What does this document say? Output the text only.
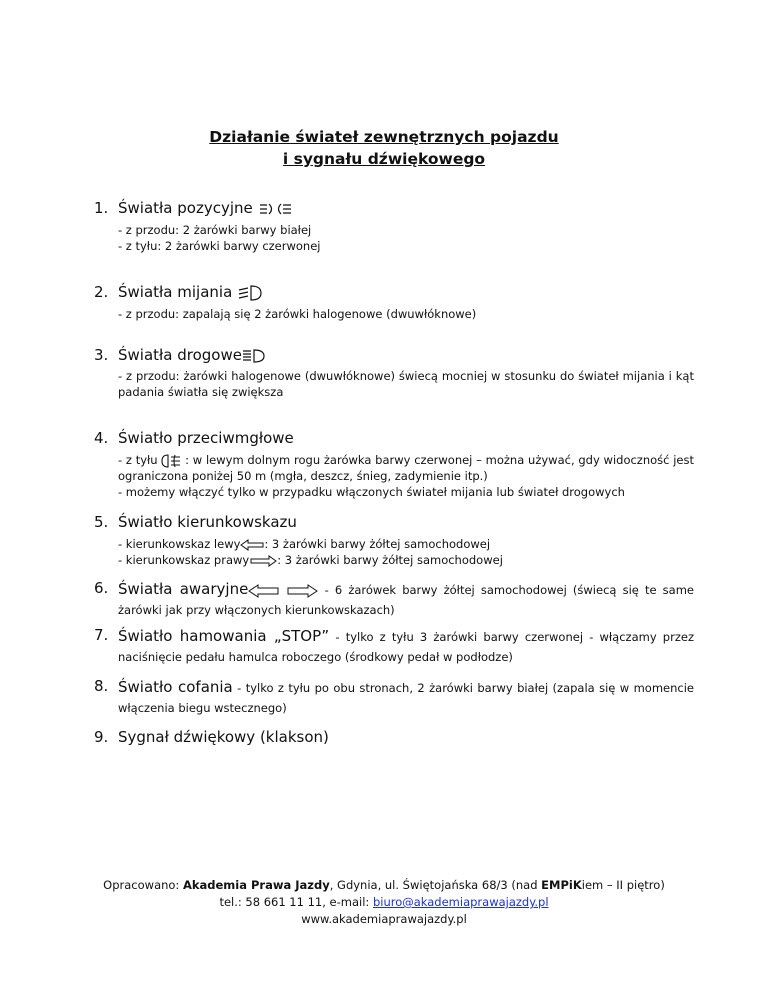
Działanie świateł zewnętrznych pojazdu
i sygnału dźwiękowego
1. Światła pozycyjne
- z przodu: 2 żarówki barwy białej
- z tyłu: 2 żarówki barwy czerwonej
2. Światła mijania
- z przodu: zapalają się 2 żarówki halogenowe (dwuwłóknowe)
3. Światła drogowe
- z przodu: żarówki halogenowe (dwuwłóknowe) świecą mocniej w stosunku do świateł mijania i kąt padania światła się zwiększa
4. Światło przeciwmgłowe
- z tyłu : w lewym dolnym rogu żarówka barwy czerwonej – można używać, gdy widoczność jest ograniczona poniżej 50 m (mgła, deszcz, śnieg, zadymienie itp.)
- możemy włączyć tylko w przypadku włączonych świateł mijania lub świateł drogowych
5. Światło kierunkowskazu
- kierunkowskaz lewy : 3 żarówki barwy żółtej samochodowej
- kierunkowskaz prawy : 3 żarówki barwy żółtej samochodowej
6. Światła awaryjne	- 6 żarówek barwy żółtej samochodowej (świecą się te same żarówki jak przy włączonych kierunkowskazach)
7. Światło hamowania „STOP” - tylko z tyłu 3 żarówki barwy czerwonej - włączamy przez naciśnięcie pedału hamulca roboczego (środkowy pedał w podłodze)
8. Światło cofania - tylko z tyłu po obu stronach, 2 żarówki barwy białej (zapala się w momencie włączenia biegu wstecznego)
9. Sygnał dźwiękowy (klakson)
Opracowano: Akademia Prawa Jazdy, Gdynia, ul. Świętojańska 68/3 (nad EMPiKiem – II piętro)
tel.: 58 661 11 11, e-mail: biuro@akademiaprawajazdy.pl
www.akademiaprawajazdy.pl
